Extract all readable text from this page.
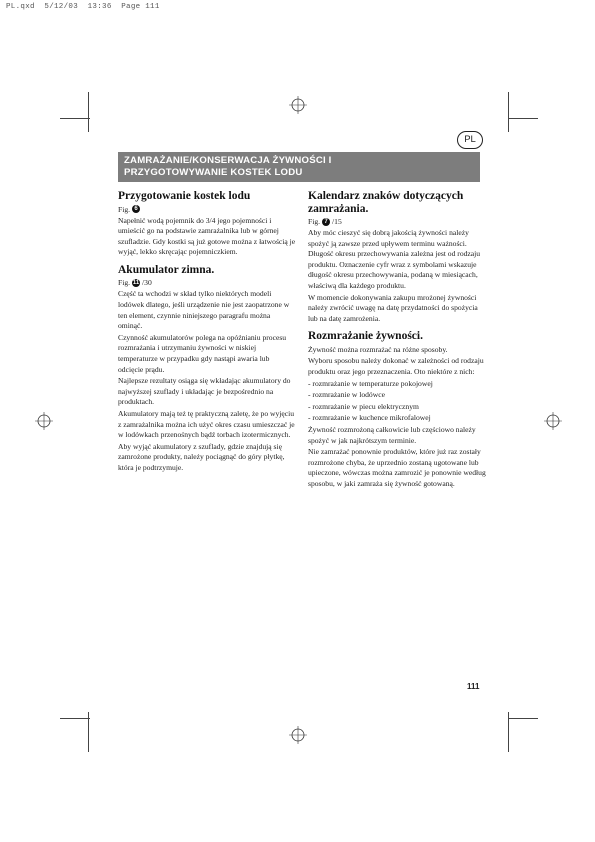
PL.qxd  5/12/03  13:36  Page 111
PL
ZAMRAŻANIE/KONSERWACJA ŻYWNOŚCI I
PRZYGOTOWYWANIE KOSTEK LODU
Przygotowanie kostek lodu
Fig. 6

Napełnić wodą pojemnik do 3/4 jego pojemności i umieścić go na podstawie zamrażalnika lub w górnej szufladzie. Gdy kostki są już gotowe można z łatwością je wyjąć, lekko skręcając pojemniczkiem.

Akumulator zimna.
Fig. 11 /30

Część ta wchodzi w skład tylko niektórych modeli lodówek dlatego, jeśli urządzenie nie jest zaopatrzone w ten element, czynnie niniejszego paragrafu można ominąć.

Czynność akumulatorów polega na opóźnianiu procesu rozmrażania i utrzymaniu żywności w niskiej temperaturze w przypadku gdy nastąpi awaria lub odcięcie prądu.

Najlepsze rezultaty osiąga się wkładając akumulatory do najwyższej szuflady i układając je bezpośrednio na produktach.

Akumulatory mają też tę praktyczną zaletę, że po wyjęciu z zamrażalnika można ich użyć okres czasu umieszczać je w lodówkach przenośnych bądź torbach izotermicznych.

Aby wyjąć akumulatory z szuflady, gdzie znajdują się zamrożone produkty, należy pociągnąć do góry płytkę, która je podtrzymuje.

Kalendarz znaków dotyczących zamrażania.
Fig. 7 /15

Aby móc cieszyć się dobrą jakością żywności należy spożyć ją zawsze przed upływem terminu ważności. Długość okresu przechowywania zależna jest od rodzaju produktu. Oznaczenie cyfr wraz z symbolami wskazuje długość okresu przechowywania, podaną w miesiącach, właściwą dla każdego produktu.

W momencie dokonywania zakupu mrożonej żywności należy zwrócić uwagę na datę przydatności do spożycia lub na datę zamrożenia.

Rozmrażanie żywności.

Żywność można rozmrażać na różne sposoby.

Wyboru sposobu należy dokonać w zależności od rodzaju produktu oraz jego przeznaczenia. Oto niektóre z nich:

- rozmrażanie w temperaturze pokojowej

- rozmrażanie w lodówce

- rozmrażanie w piecu elektrycznym

- rozmrażanie w kuchence mikrofalowej

Żywność rozmrożoną całkowicie lub częściowo należy spożyć w jak najkrótszym terminie.

Nie zamrażać ponownie produktów, które już raz zostały rozmrożone chyba, że uprzednio zostaną ugotowane lub upieczone, wówczas można zamrozić je ponownie według sposobu, w jaki zamraża się żywność gotowaną.

111
